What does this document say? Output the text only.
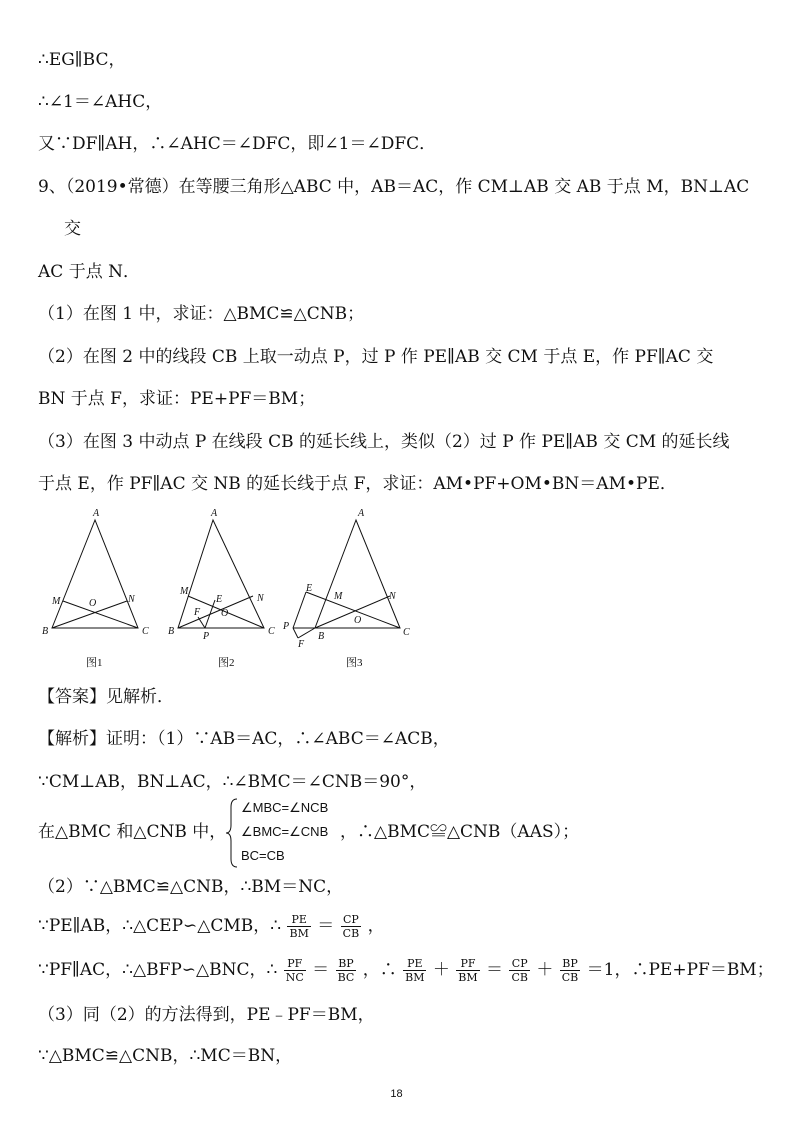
∴EG∥BC，
∴∠1＝∠AHC，
又∵DF∥AH，∴∠AHC＝∠DFC，即∠1＝∠DFC．
9、（2019•常德）在等腰三角形△ABC 中，AB＝AC，作 CM⊥AB 交 AB 于点 M，BN⊥AC
交
AC 于点 N．
（1）在图 1 中，求证：△BMC≌△CNB；
（2）在图 2 中的线段 CB 上取一动点 P，过 P 作 PE∥AB 交 CM 于点 E，作 PF∥AC 交
BN 于点 F，求证：PE+PF＝BM；
（3）在图 3 中动点 P 在线段 CB 的延长线上，类似（2）过 P 作 PE∥AB 交 CM 的延长线
于点 E，作 PF∥AC 交 NB 的延长线于点 F，求证：AM•PF+OM•BN＝AM•PE．
A
M	O	N
B	C
图1
A
M
E	N
F O
B	P	C
图2
A
E
M	N
O
P
B	C
F
图3
【答案】见解析．
【解析】证明：（1）∵AB＝AC，∴∠ABC＝∠ACB，
∵CM⊥AB，BN⊥AC，∴∠BMC＝∠CNB＝90°，
在△BMC 和△CNB 中，
∠MBC=∠NCB
∠BMC=∠CNB
BC=CB
，∴△BMC≌△CNB（AAS）；
（2）∵△BMC≌△CNB，∴BM＝NC，
∵PE∥AB，∴△CEP∽△CMB，∴ $\frac{PE}{BM} = \frac{CP}{CB}$ ，
∵PF∥AC，∴△BFP∽△BNC，∴ $\frac{PF}{NC} = \frac{BP}{BC}$ ，∴ $\frac{PE}{BM} + \frac{PF}{BM} = \frac{CP}{CB} + \frac{BP}{CB} =1$，∴PE+PF＝BM；
（3）同（2）的方法得到，PE﹣PF＝BM，
∵△BMC≌△CNB，∴MC＝BN，
18
